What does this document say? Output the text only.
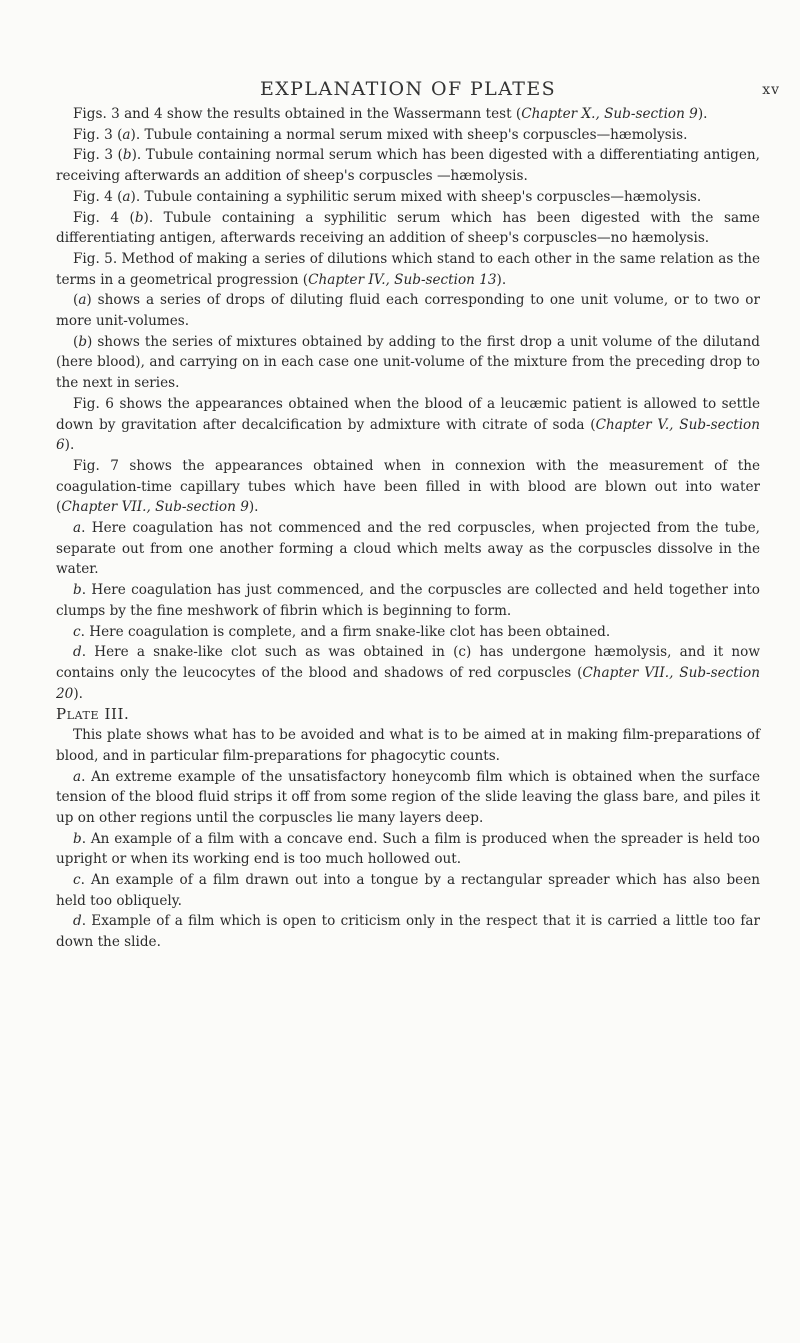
EXPLANATION OF PLATES	xv

Figs. 3 and 4 show the results obtained in the Wassermann test (Chapter X., Sub-section 9).

Fig. 3 (a). Tubule containing a normal serum mixed with sheep's corpuscles—hæmolysis.

Fig. 3 (b). Tubule containing normal serum which has been digested with a differentiating antigen, receiving afterwards an addition of sheep's corpuscles —hæmolysis.

Fig. 4 (a). Tubule containing a syphilitic serum mixed with sheep's corpuscles—hæmolysis.

Fig. 4 (b). Tubule containing a syphilitic serum which has been digested with the same differentiating antigen, afterwards receiving an addition of sheep's corpuscles—no hæmolysis.

Fig. 5. Method of making a series of dilutions which stand to each other in the same relation as the terms in a geometrical progression (Chapter IV., Sub-section 13).

(a) shows a series of drops of diluting fluid each corresponding to one unit volume, or to two or more unit-volumes.

(b) shows the series of mixtures obtained by adding to the first drop a unit volume of the dilutand (here blood), and carrying on in each case one unit-volume of the mixture from the preceding drop to the next in series.

Fig. 6 shows the appearances obtained when the blood of a leucæmic patient is allowed to settle down by gravitation after decalcification by admixture with citrate of soda (Chapter V., Sub-section 6).

Fig. 7 shows the appearances obtained when in connexion with the measurement of the coagulation-time capillary tubes which have been filled in with blood are blown out into water (Chapter VII., Sub-section 9).

a. Here coagulation has not commenced and the red corpuscles, when projected from the tube, separate out from one another forming a cloud which melts away as the corpuscles dissolve in the water.

b. Here coagulation has just commenced, and the corpuscles are collected and held together into clumps by the fine meshwork of fibrin which is beginning to form.

c. Here coagulation is complete, and a firm snake-like clot has been obtained.

d. Here a snake-like clot such as was obtained in (c) has undergone hæmolysis, and it now contains only the leucocytes of the blood and shadows of red corpuscles (Chapter VII., Sub-section 20).

Plate III.

This plate shows what has to be avoided and what is to be aimed at in making film-preparations of blood, and in particular film-preparations for phagocytic counts.

a. An extreme example of the unsatisfactory honeycomb film which is obtained when the surface tension of the blood fluid strips it off from some region of the slide leaving the glass bare, and piles it up on other regions until the corpuscles lie many layers deep.

b. An example of a film with a concave end. Such a film is produced when the spreader is held too upright or when its working end is too much hollowed out.

c. An example of a film drawn out into a tongue by a rectangular spreader which has also been held too obliquely.

d. Example of a film which is open to criticism only in the respect that it is carried a little too far down the slide.
